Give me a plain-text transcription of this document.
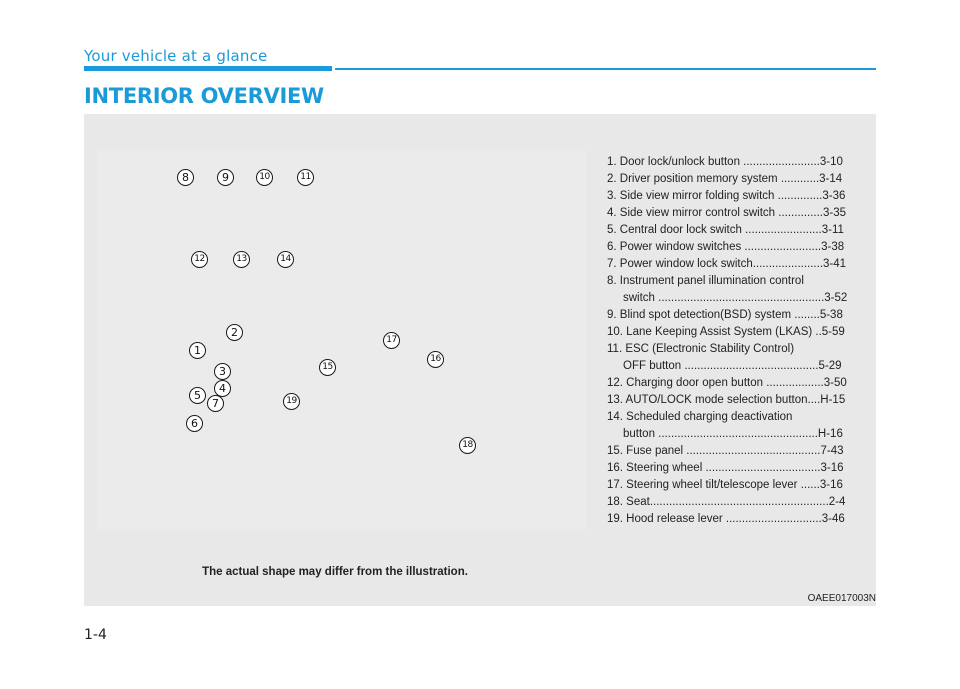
Your vehicle at a glance
INTERIOR OVERVIEW
1
2
3
4
5
6
7
8	9	10	11
12	13	14
15
16
17
18
19
The actual shape may differ from the illustration.
1. Door lock/unlock button ........................3-10
2. Driver position memory system ............3-14
3. Side view mirror folding switch ..............3-36
4. Side view mirror control switch ..............3-35
5. Central door lock switch ........................3-11
6. Power window switches ........................3-38
7. Power window lock switch......................3-41
8. Instrument panel illumination control
switch ....................................................3-52
9. Blind spot detection(BSD) system ........5-38
10. Lane Keeping Assist System (LKAS) ..5-59
11. ESC (Electronic Stability Control)
OFF button ..........................................5-29
12. Charging door open button ..................3-50
13. AUTO/LOCK mode selection button....H-15
14. Scheduled charging deactivation
button ..................................................H-16
15. Fuse panel ..........................................7-43
16. Steering wheel ....................................3-16
17. Steering wheel tilt/telescope lever ......3-16
18. Seat........................................................2-4
19. Hood release lever ..............................3-46
OAEE017003N
1-4
